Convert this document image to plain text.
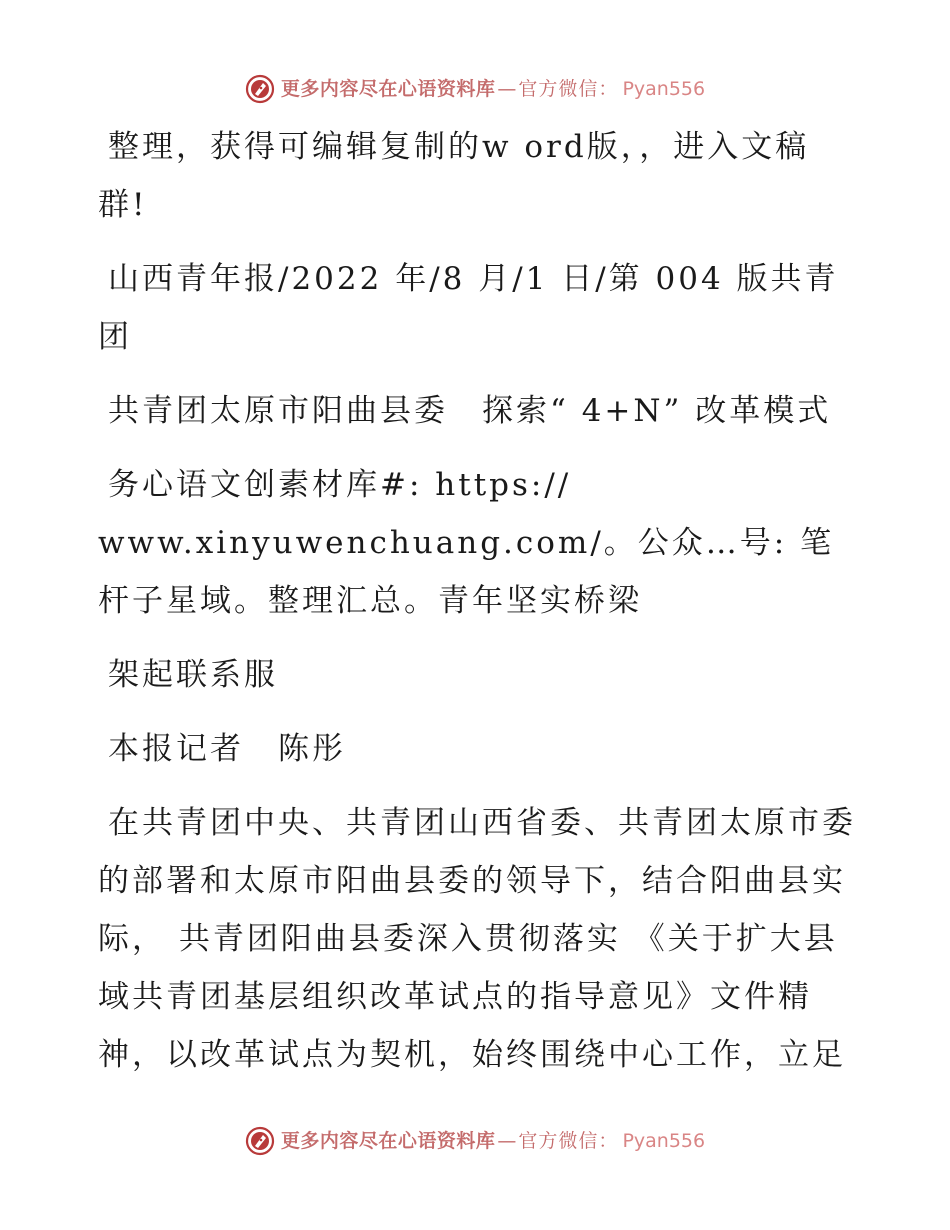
更多内容尽在心语资料库 — 官方微信： Pyan556

整理，获得可编辑复制的w ord版，，进入文稿群!

山西青年报/2022 年/8 月/1 日/第 004 版共青团

共青团太原市阳曲县委 探索“ 4+N” 改革模式

务心语文创素材库#: https:// www.xinyuwenchuang.com/。公众…号: 笔杆子星域。整理汇总。青年坚实桥梁

架起联系服

本报记者 陈彤

在共青团中央、共青团山西省委、共青团太原市委的部署和太原市阳曲县委的领导下，结合阳曲县实际， 共青团阳曲县委深入贯彻落实 《关于扩大县域共青团基层组织改革试点的指导意见》文件精神，以改革试点为契机，始终围绕中心工作，立足

更多内容尽在心语资料库 — 官方微信： Pyan556
